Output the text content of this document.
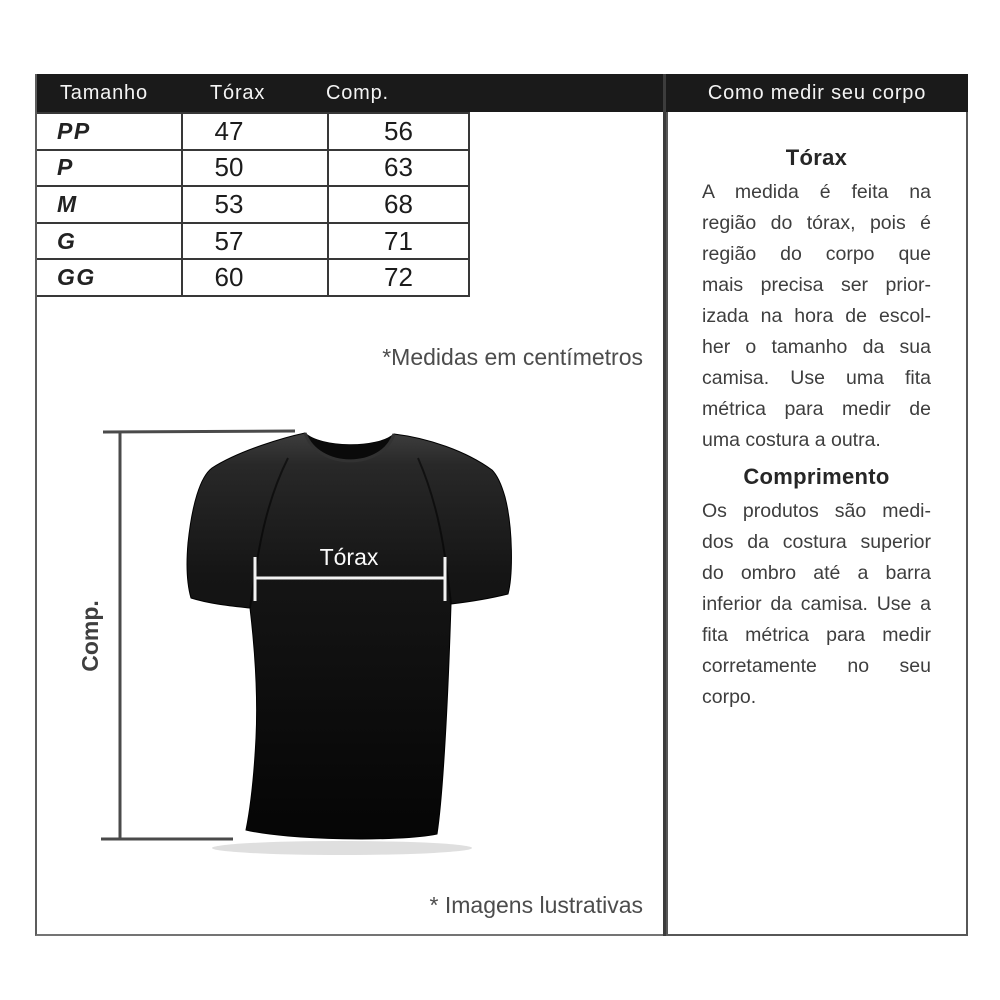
Tamanho	Tórax	Comp.
PP	47	56
P	50	63
M	53	68
G	57	71
GG	60	72
*Medidas em centímetros
* Imagens lustrativas
Tórax
Comp.
Como medir seu corpo

Tórax

A medida é feita na
região do tórax, pois é
região do corpo que
mais precisa ser prior-
izada na hora de escol-
her o tamanho da sua
camisa. Use uma fita
métrica para medir de
uma costura a outra.

Comprimento

Os produtos são medi-
dos da costura superior
do ombro até a barra
inferior da camisa. Use a
fita métrica para medir
corretamente no seu
corpo.
